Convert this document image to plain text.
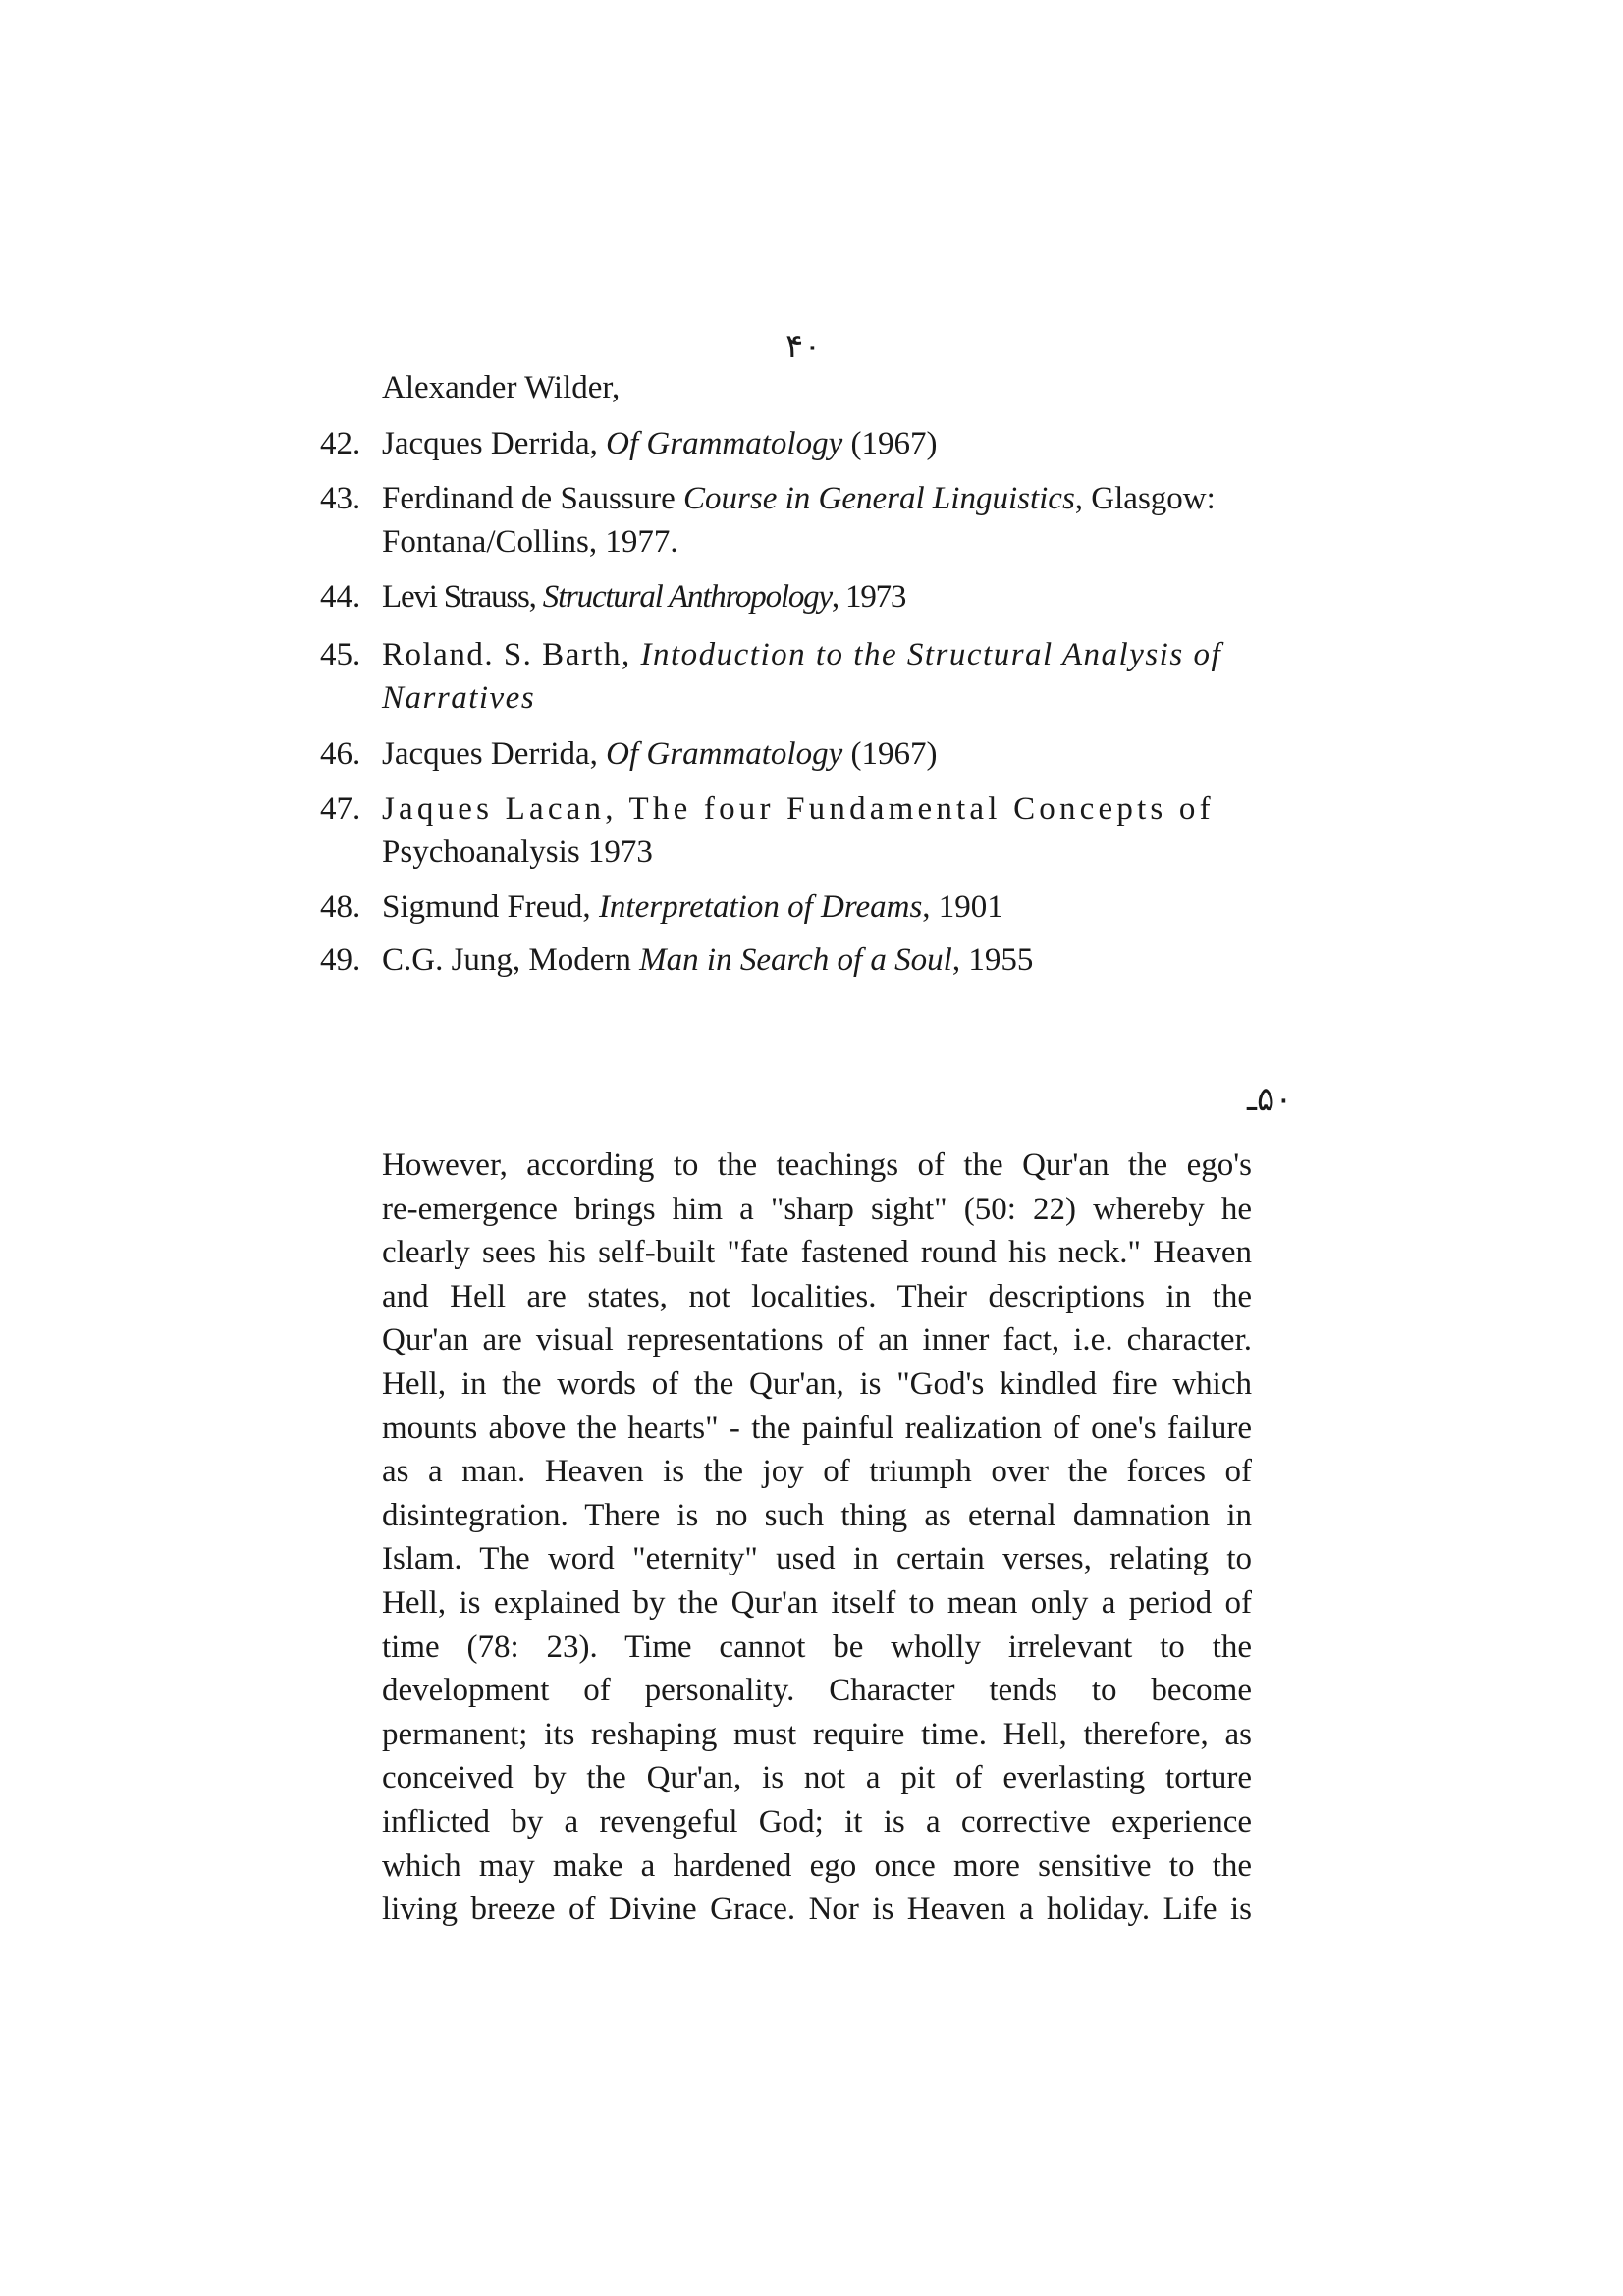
۴۰
Alexander Wilder,
42. Jacques Derrida, Of Grammatology (1967)
43. Ferdinand de Saussure Course in General Linguistics, Glasgow:
Fontana/Collins, 1977.
44. Levi Strauss, Structural Anthropology, 1973
45. Roland. S. Barth, Intoduction to the Structural Analysis of
Narratives
46. Jacques Derrida, Of Grammatology (1967)
47. Jaques Lacan, The four Fundamental Concepts of
Psychoanalysis 1973
48. Sigmund Freud, Interpretation of Dreams, 1901
49. C.G. Jung, Modern Man in Search of a Soul, 1955
۵۰ـ
However, according to the teachings of the Qur'an the ego's
re-emergence brings him a "sharp sight" (50: 22) whereby he
clearly sees his self-built "fate fastened round his neck." Heaven
and Hell are states, not localities. Their descriptions in the
Qur'an are visual representations of an inner fact, i.e. character.
Hell, in the words of the Qur'an, is "God's kindled fire which
mounts above the hearts" - the painful realization of one's failure
as a man. Heaven is the joy of triumph over the forces of
disintegration. There is no such thing as eternal damnation in
Islam. The word "eternity" used in certain verses, relating to
Hell, is explained by the Qur'an itself to mean only a period of
time (78: 23). Time cannot be wholly irrelevant to the
development of personality. Character tends to become
permanent; its reshaping must require time. Hell, therefore, as
conceived by the Qur'an, is not a pit of everlasting torture
inflicted by a revengeful God; it is a corrective experience
which may make a hardened ego once more sensitive to the
living breeze of Divine Grace. Nor is Heaven a holiday. Life is
